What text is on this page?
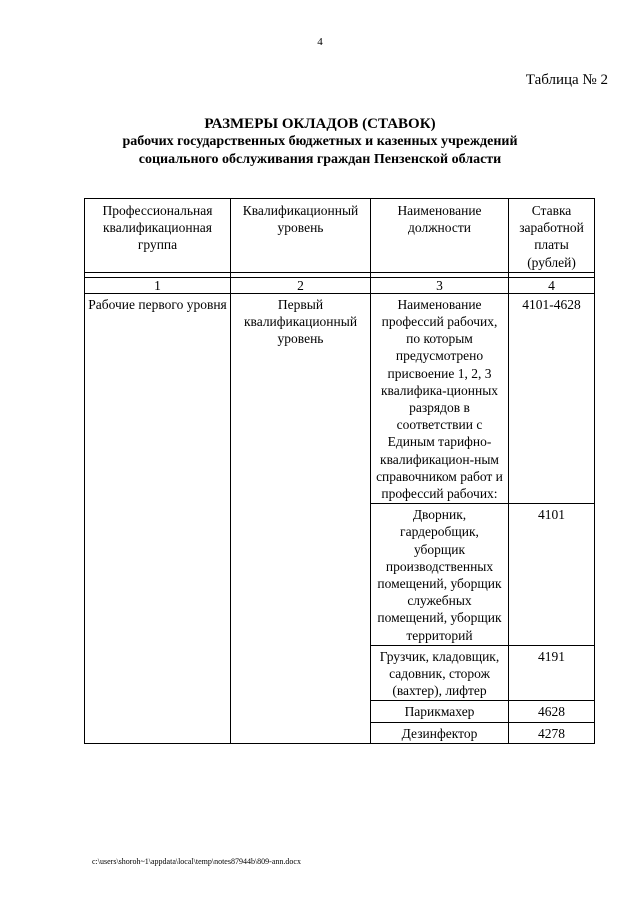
4
Таблица № 2
РАЗМЕРЫ ОКЛАДОВ (СТАВОК)
рабочих государственных бюджетных и казенных учреждений
социального обслуживания граждан Пензенской области
Профессиональная квалификационная группа	Квалификационный уровень	Наименование должности	Ставка заработной платы (рублей)

1	2	3	4
Рабочие первого уровня	Первый квалификационный уровень	Наименование профессий рабочих, по которым предусмотрено присвоение 1, 2, 3 квалифика-ционных разрядов в соответствии с Единым тарифно-квалификацион-ным справочником работ и профессий рабочих:	4101-4628
		Дворник, гардеробщик, уборщик производственных помещений, уборщик служебных помещений, уборщик территорий	4101
		Грузчик, кладовщик, садовник, сторож (вахтер), лифтер	4191
		Парикмахер	4628
		Дезинфектор	4278
c:\users\shoroh~1\appdata\local\temp\notes87944b\809-ann.docx
